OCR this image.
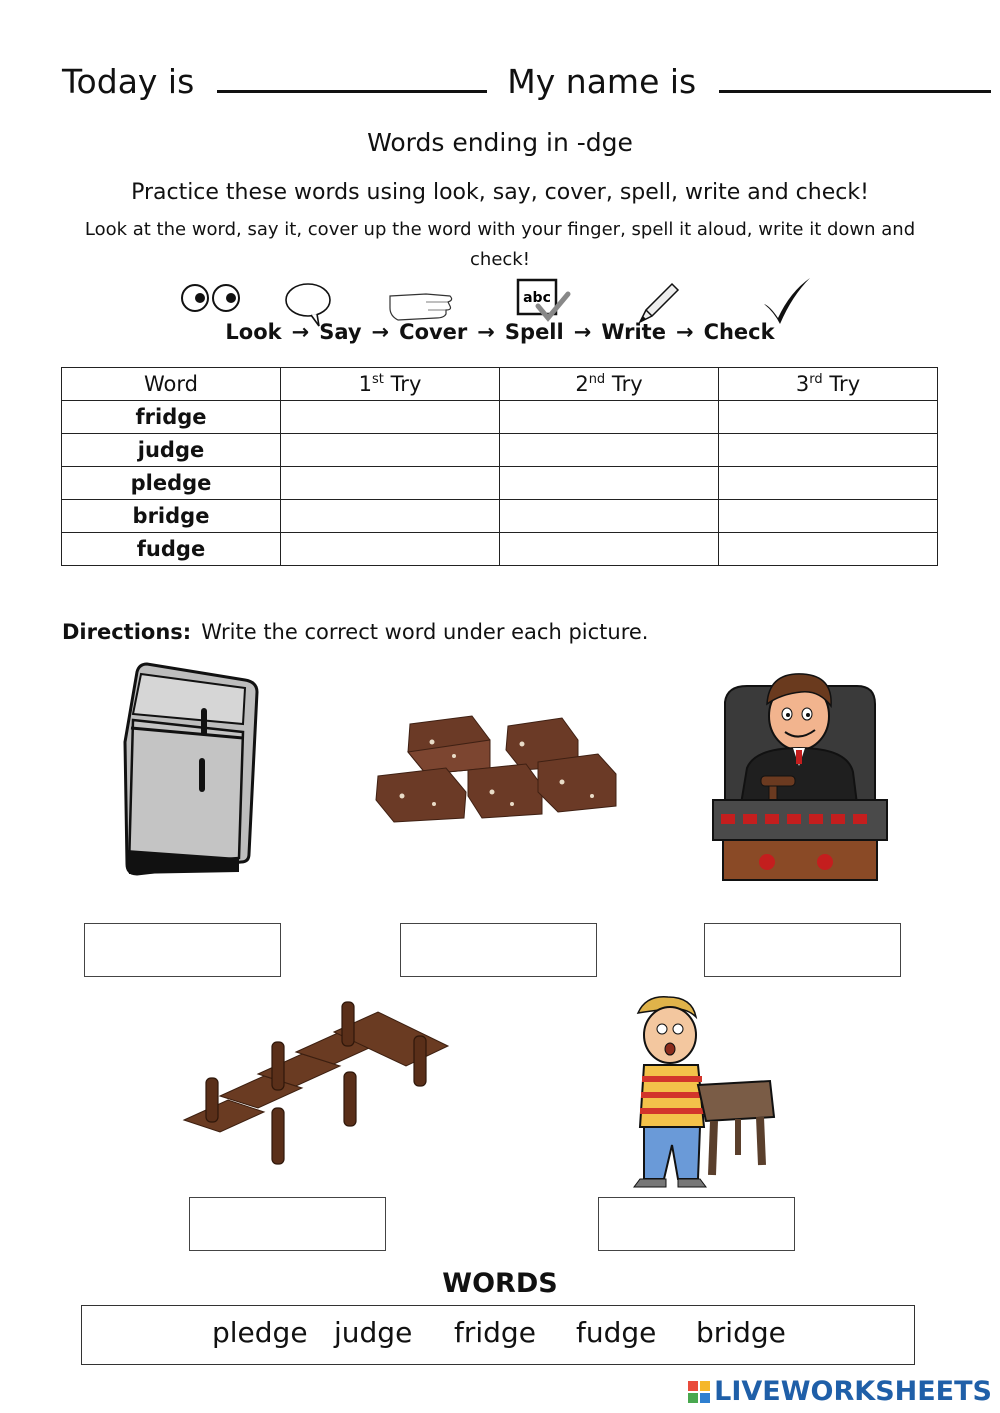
Today is	My name is
Words ending in -dge
Practice these words using look, say, cover, spell, write and check!
Look at the word, say it, cover up the word with your finger, spell it aloud, write it down and check!
abc
Look → Say → Cover → Spell → Write → Check
Word	1st Try	2nd Try	3rd Try
fridge			
judge			
pledge			
bridge			
fudge			
Directions: Write the correct word under each picture.
WORDS
pledge judge fridge fudge bridge
LIVEWORKSHEETS
